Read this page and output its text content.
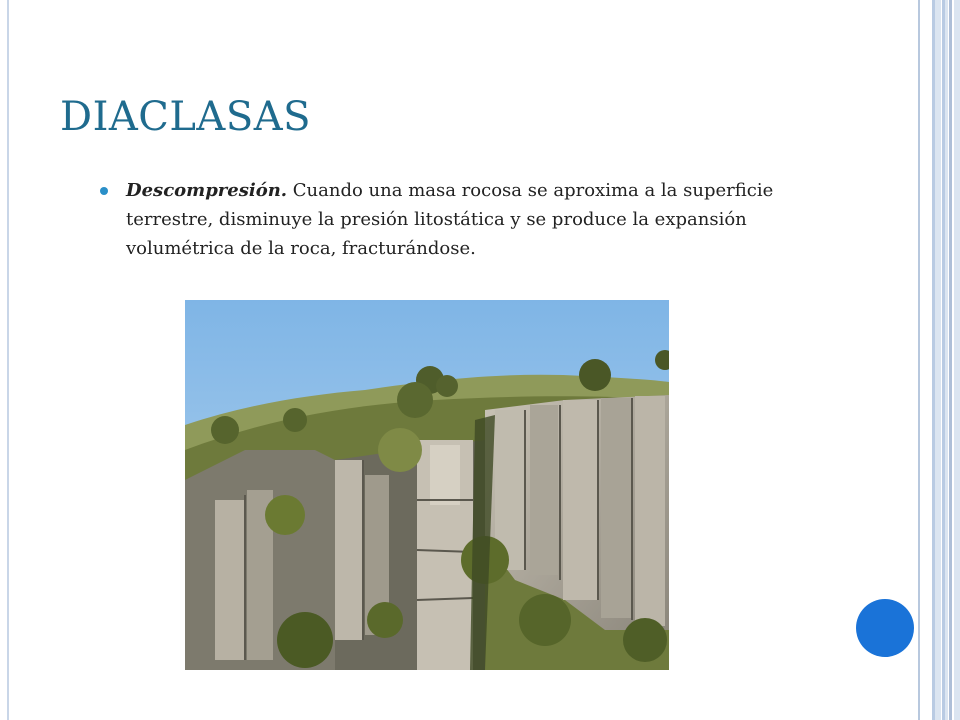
DIACLASAS
Descompresión. Cuando una masa rocosa se aproxima a la superficie terrestre, disminuye la presión litostática y se produce la expansión volumétrica de la roca, fracturándose.
